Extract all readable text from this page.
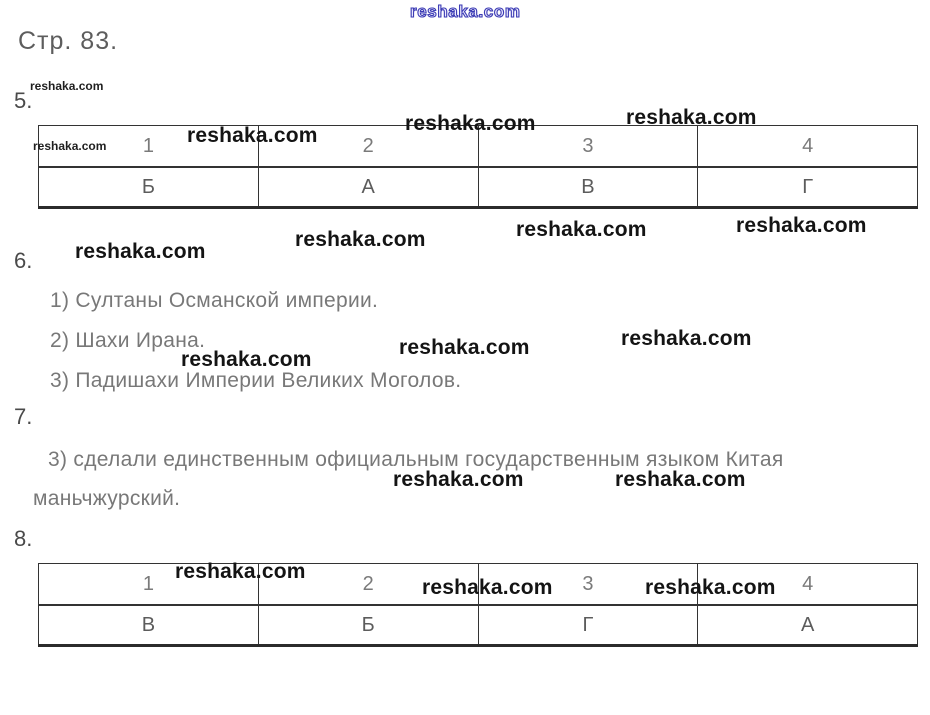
reshaka.com
Стр. 83.
reshaka.com
5.
1	2	3	4
Б	А	В	Г
reshaka.com
reshaka.com	reshaka.com
reshaka.com
reshaka.com
reshaka.com	reshaka.com	reshaka.com
6.
1) Султаны Османской империи.
2) Шахи Ирана.
reshaka.com
reshaka.com	reshaka.com
3) Падишахи Империи Великих Моголов.
7.
3) сделали единственным официальным государственным языком Китая
reshaka.com	reshaka.com
маньчжурский.
8.
1	2	3	4
В	Б	Г	А
reshaka.com
reshaka.com	reshaka.com
